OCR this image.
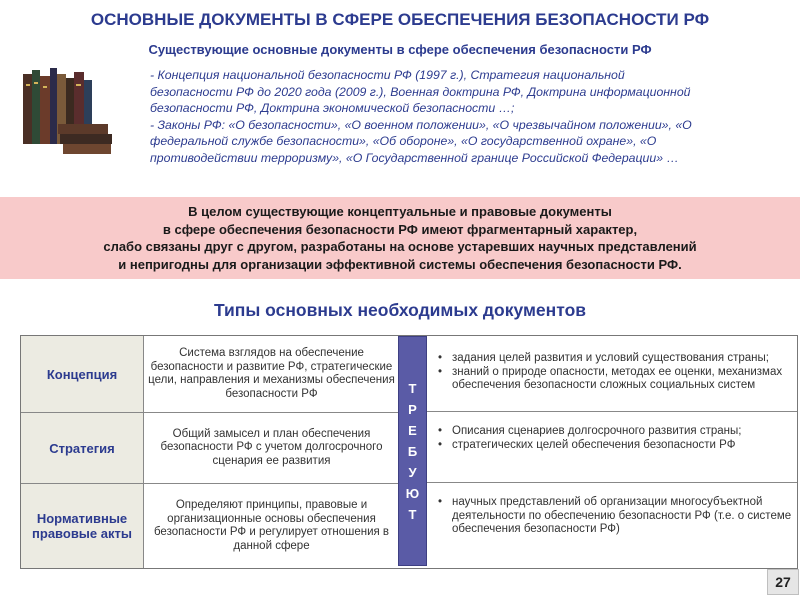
ОСНОВНЫЕ ДОКУМЕНТЫ В СФЕРЕ ОБЕСПЕЧЕНИЯ БЕЗОПАСНОСТИ РФ
Существующие основные документы в сфере обеспечения безопасности РФ

- Концепция национальной безопасности РФ (1997 г.), Стратегия национальной

безопасности РФ до 2020 года (2009 г.), Военная доктрина РФ, Доктрина информационной

безопасности РФ, Доктрина экономической безопасности …;

- Законы РФ: «О безопасности», «О военном положении», «О чрезвычайном положении», «О

федеральной службе безопасности», «Об обороне», «О государственной охране», «О

противодействии терроризму», «О Государственной границе Российской Федерации» …

В целом существующие концептуальные и правовые документы
в сфере обеспечения безопасности РФ имеют фрагментарный характер,
слабо связаны друг с другом, разработаны на основе устаревших научных представлений
и непригодны для организации эффективной системы обеспечения безопасности РФ.
Типы основных необходимых документов
Концепция
Система взглядов на обеспечение безопасности и развитие РФ, стратегические цели, направления и механизмы обеспечения безопасности РФ
• задания целей развития и условий существования страны;
• знаний о природе опасности, методах ее оценки, механизмах обеспечения безопасности сложных социальных систем
Стратегия
Общий замысел и план обеспечения безопасности РФ с учетом долгосрочного сценария ее развития
• Описания сценариев долгосрочного развития страны;
• стратегических целей обеспечения безопасности РФ
Нормативные правовые акты
Определяют принципы, правовые и организационные основы обеспечения безопасности РФ и регулирует отношения в данной сфере
• научных представлений об организации многосубъектной деятельности по обеспечению безопасности РФ (т.е. о системе обеспечения безопасности РФ)
Т
Р
Е
Б
У
Ю
Т
27
